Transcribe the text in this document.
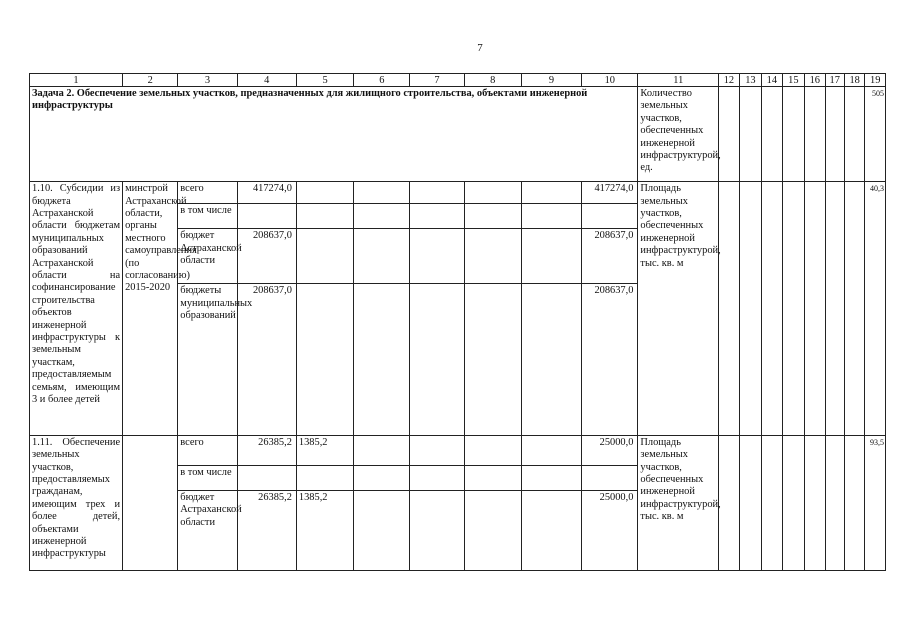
7
1	2	3	4	5	6	7	8	9	10	11	12	13	14	15	16	17	18	19
Задача 2. Обеспечение земельных участков, предназначенных для жилищного строительства, объектами инженерной инфраструктуры										Количество земельных участков, обеспеченных инженерной инфраструктурой, ед.								505
1.10. Субсидии из бюджета Астраханской области бюджетам муниципальных образований Астраханской области на софинансирование строительства объектов инженерной инфраструктуры к земельным участкам, предоставляемым семьям, имеющим 3 и более детей	минстрой Астраханской области, органы местного самоуправления (по согласованию) 2015-2020	всего	417274,0						417274,0	Площадь земельных участков, обеспеченных инженерной инфраструктурой, тыс. кв. м								40,3
		в том числе																
		бюджет Астраханской области	208637,0						208637,0									
		бюджеты муниципальных образований	208637,0						208637,0									
1.11. Обеспечение земельных участков, предоставляемых гражданам, имеющим трех и более детей, объектами инженерной инфраструктуры		всего	26385,2	1385,2					25000,0	Площадь земельных участков, обеспеченных инженерной инфраструктурой, тыс. кв. м								93,5
		в том числе																
		бюджет Астраханской области	26385,2	1385,2					25000,0									
